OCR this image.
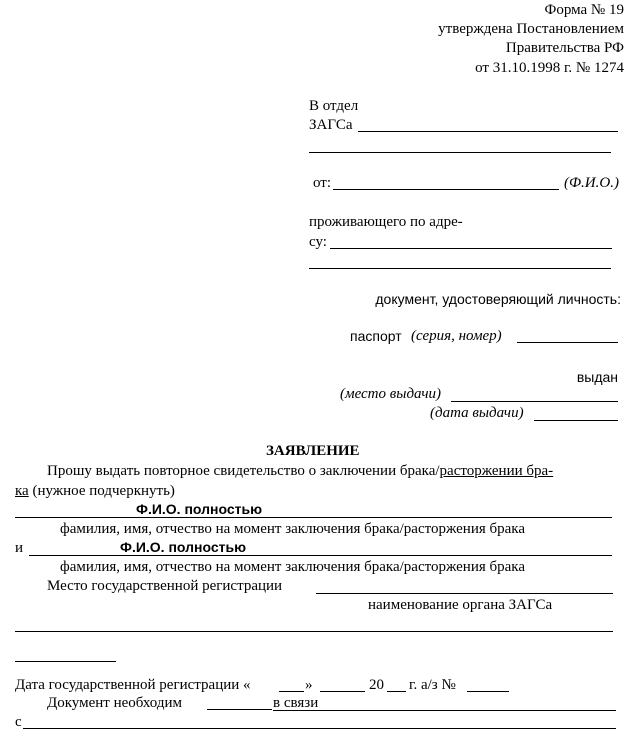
Форма № 19
утверждена Постановлением
Правительства РФ
от 31.10.1998 г. № 1274
В отдел
ЗАГСа
от:	(Ф.И.О.)
проживающего по адре-
су:
документ, удостоверяющий личность:
паспорт (серия, номер)
выдан
(место выдачи)
(дата выдачи)
ЗАЯВЛЕНИЕ
Прошу выдать повторное свидетельство о заключении брака/расторжении бра-
ка (нужное подчеркнуть)
Ф.И.О. полностью
фамилия, имя, отчество на момент заключения брака/расторжения брака
и	Ф.И.О. полностью
фамилия, имя, отчество на момент заключения брака/расторжения брака
Место государственной регистрации
наименование органа ЗАГСа
Дата государственной регистрации «	»	20 г. а/з №
Документ необходим	в связи
с
